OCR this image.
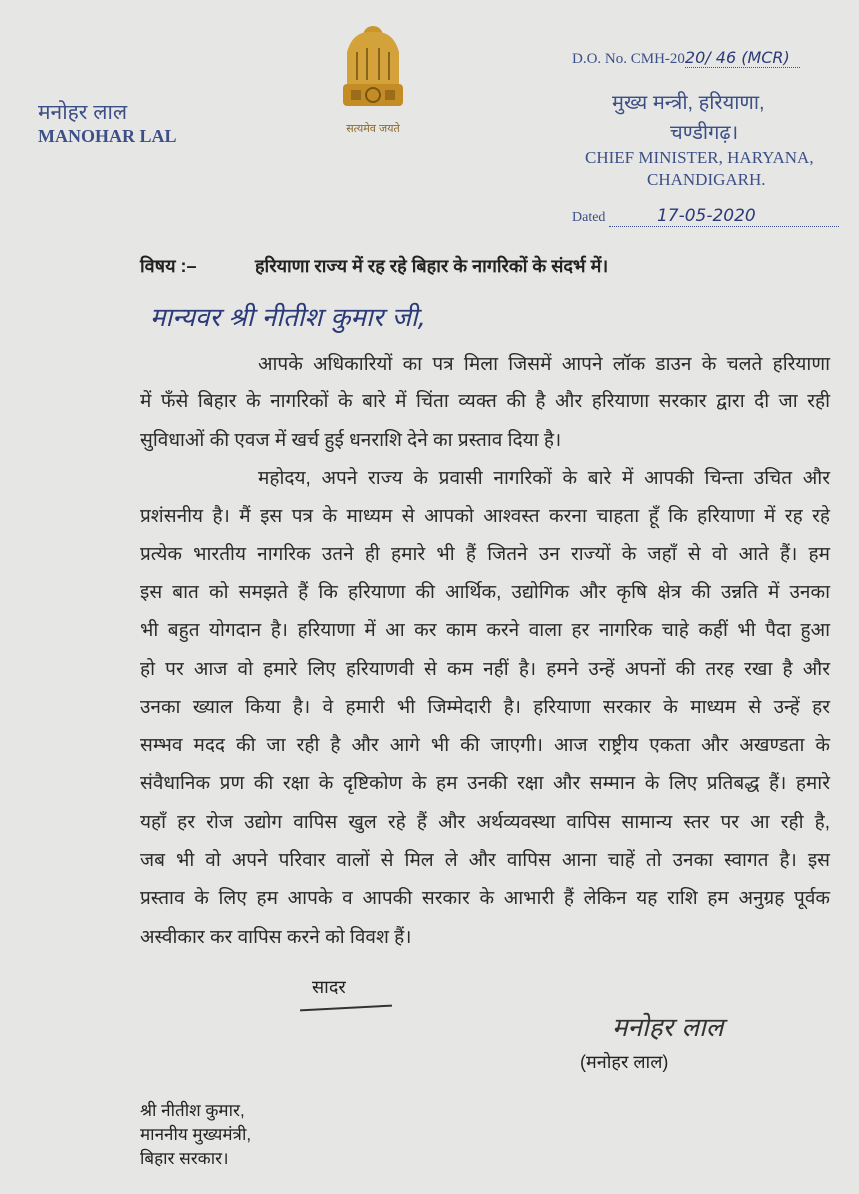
मनोहर लाल
MANOHAR LAL	सत्यमेव जयते
D.O. No. CMH-2020/ 46 (MCR)
मुख्य मन्त्री, हरियाणा,
चण्डीगढ़।
CHIEF MINISTER, HARYANA,
CHANDIGARH.
Dated	17-05-2020
विषय :–	हरियाणा राज्य में रह रहे बिहार के नागरिकों के संदर्भ में।
मान्यवर श्री नीतीश कुमार जी,
आपके अधिकारियों का पत्र मिला जिसमें आपने लॉक डाउन के चलते हरियाणा
में फँसे बिहार के नागरिकों के बारे में चिंता व्यक्त की है और हरियाणा सरकार द्वारा दी जा रही
सुविधाओं की एवज में खर्च हुई धनराशि देने का प्रस्ताव दिया है।
महोदय, अपने राज्य के प्रवासी नागरिकों के बारे में आपकी चिन्ता उचित और
प्रशंसनीय है। मैं इस पत्र के माध्यम से आपको आश्वस्त करना चाहता हूँ कि हरियाणा में रह रहे
प्रत्येक भारतीय नागरिक उतने ही हमारे भी हैं जितने उन राज्यों के जहाँ से वो आते हैं। हम
इस बात को समझते हैं कि हरियाणा की आर्थिक, उद्योगिक और कृषि क्षेत्र की उन्नति में उनका
भी बहुत योगदान है। हरियाणा में आ कर काम करने वाला हर नागरिक चाहे कहीं भी पैदा हुआ
हो पर आज वो हमारे लिए हरियाणवी से कम नहीं है। हमने उन्हें अपनों की तरह रखा है और
उनका ख्याल किया है। वे हमारी भी जिम्मेदारी है। हरियाणा सरकार के माध्यम से उन्हें हर
सम्भव मदद की जा रही है और आगे भी की जाएगी। आज राष्ट्रीय एकता और अखण्डता के
संवैधानिक प्रण की रक्षा के दृष्टिकोण के हम उनकी रक्षा और सम्मान के लिए प्रतिबद्ध हैं। हमारे
यहाँ हर रोज उद्योग वापिस खुल रहे हैं और अर्थव्यवस्था वापिस सामान्य स्तर पर आ रही है,
जब भी वो अपने परिवार वालों से मिल ले और वापिस आना चाहें तो उनका स्वागत है। इस
प्रस्ताव के लिए हम आपके व आपकी सरकार के आभारी हैं लेकिन यह राशि हम अनुग्रह पूर्वक
अस्वीकार कर वापिस करने को विवश हैं।
सादर
मनोहर लाल
(मनोहर लाल)
श्री नीतीश कुमार,
माननीय मुख्यमंत्री,
बिहार सरकार।
